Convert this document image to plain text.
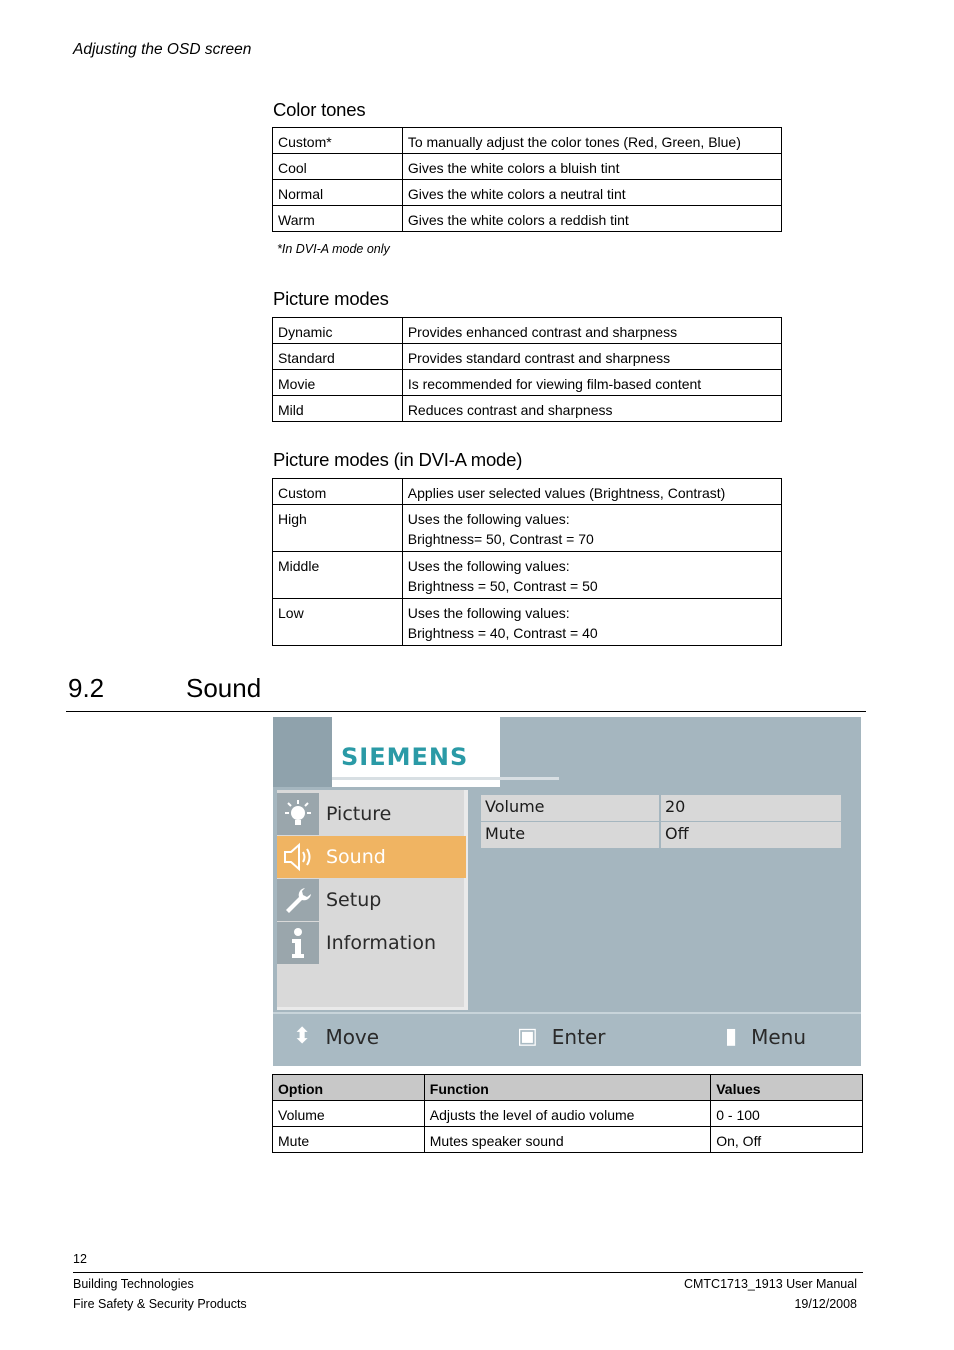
Adjusting the OSD screen
Color tones
Custom*	To manually adjust the color tones (Red, Green, Blue)
Cool	Gives the white colors a bluish tint
Normal	Gives the white colors a neutral tint
Warm	Gives the white colors a reddish tint
*In DVI-A mode only
Picture modes
Dynamic	Provides enhanced contrast and sharpness
Standard	Provides standard contrast and sharpness
Movie	Is recommended for viewing film-based content
Mild	Reduces contrast and sharpness
Picture modes (in DVI-A mode)
Custom	Applies user selected values (Brightness, Contrast)
High	Uses the following values:
Brightness= 50, Contrast = 70

Middle	Uses the following values:
Brightness = 50, Contrast = 50

Low	Uses the following values:
Brightness = 40, Contrast = 40
9.2	Sound
SIEMENS
Picture
Sound
Setup
Information
Volume	20
Mute	Off
⬍ Move	▣ Enter	▮ Menu
Option	Function	Values
Volume	Adjusts the level of audio volume	0 - 100
Mute	Mutes speaker sound	On, Off
12
Building Technologies
Fire Safety & Security Products
CMTC1713_1913 User Manual
19/12/2008
